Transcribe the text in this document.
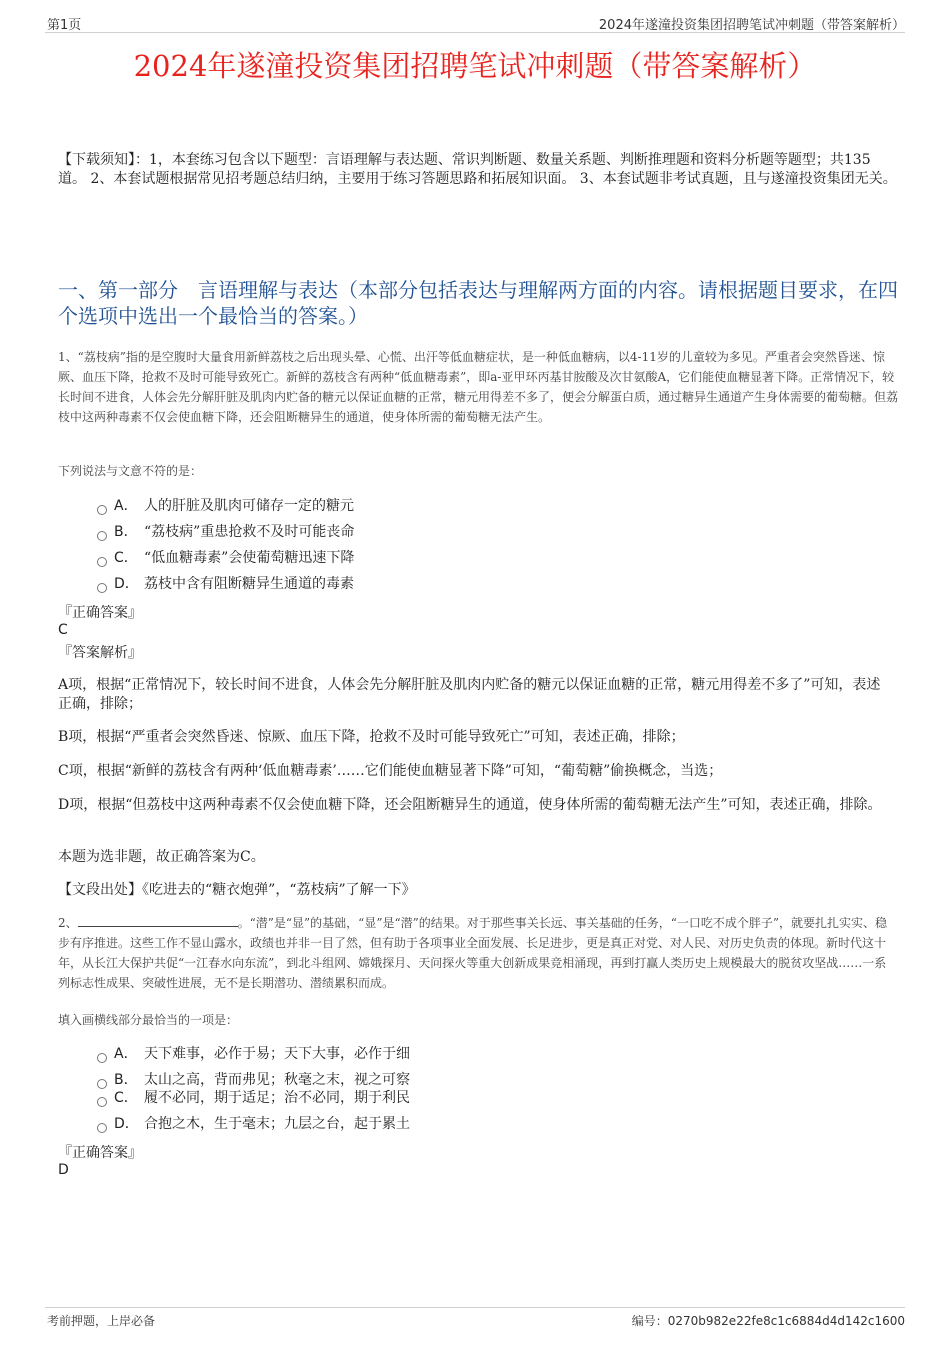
第1页	2024年遂潼投资集团招聘笔试冲刺题（带答案解析）
2024年遂潼投资集团招聘笔试冲刺题（带答案解析）
【下载须知】：1，本套练习包含以下题型：言语理解与表达题、常识判断题、数量关系题、判断推理题和资料分析题等题型；共135道。 2、本套试题根据常见招考题总结归纳，主要用于练习答题思路和拓展知识面。 3、本套试题非考试真题，且与遂潼投资集团无关。
一、第一部分　言语理解与表达（本部分包括表达与理解两方面的内容。请根据题目要求，在四个选项中选出一个最恰当的答案。）
1、“荔枝病”指的是空腹时大量食用新鲜荔枝之后出现头晕、心慌、出汗等低血糖症状，是一种低血糖病，以4-11岁的儿童较为多见。严重者会突然昏迷、惊厥、血压下降，抢救不及时可能导致死亡。新鲜的荔枝含有两种“低血糖毒素”，即a-亚甲环丙基甘胺酸及次甘氨酸A，它们能使血糖显著下降。正常情况下，较长时间不进食，人体会先分解肝脏及肌肉内贮备的糖元以保证血糖的正常，糖元用得差不多了，便会分解蛋白质，通过糖异生通道产生身体需要的葡萄糖。但荔枝中这两种毒素不仅会使血糖下降，还会阻断糖异生的通道，使身体所需的葡萄糖无法产生。
下列说法与文意不符的是：
A． 人的肝脏及肌肉可储存一定的糖元
B． “荔枝病”重患抢救不及时可能丧命
C． “低血糖毒素”会使葡萄糖迅速下降
D． 荔枝中含有阻断糖异生通道的毒素
『正确答案』
C
『答案解析』
A项，根据“正常情况下，较长时间不进食，人体会先分解肝脏及肌肉内贮备的糖元以保证血糖的正常，糖元用得差不多了”可知，表述正确，排除；
B项，根据“严重者会突然昏迷、惊厥、血压下降，抢救不及时可能导致死亡”可知，表述正确，排除；
C项，根据“新鲜的荔枝含有两种‘低血糖毒素’……它们能使血糖显著下降”可知，“葡萄糖”偷换概念，当选；
D项，根据“但荔枝中这两种毒素不仅会使血糖下降，还会阻断糖异生的通道，使身体所需的葡萄糖无法产生”可知，表述正确，排除。
本题为选非题，故正确答案为C。
【文段出处】《吃进去的“糖衣炮弹”，“荔枝病”了解一下》
2、	。“潜”是“显”的基础，“显”是“潜”的结果。对于那些事关长远、事关基础的任务，“一口吃不成个胖子”，就要扎扎实实、稳步有序推进。这些工作不显山露水，政绩也并非一目了然，但有助于各项事业全面发展、长足进步，更是真正对党、对人民、对历史负责的体现。新时代这十年，从长江大保护共促“一江春水向东流”，到北斗组网、嫦娥探月、天问探火等重大创新成果竞相涌现，再到打赢人类历史上规模最大的脱贫攻坚战……一系列标志性成果、突破性进展，无不是长期潜功、潜绩累积而成。
填入画横线部分最恰当的一项是：
A． 天下难事，必作于易；天下大事，必作于细
B． 太山之高，背而弗见；秋毫之末，视之可察
C． 履不必同，期于适足；治不必同，期于利民
D． 合抱之木，生于毫末；九层之台，起于累土
『正确答案』
D
考前押题，上岸必备	编号：0270b982e22fe8c1c6884d4d142c1600
